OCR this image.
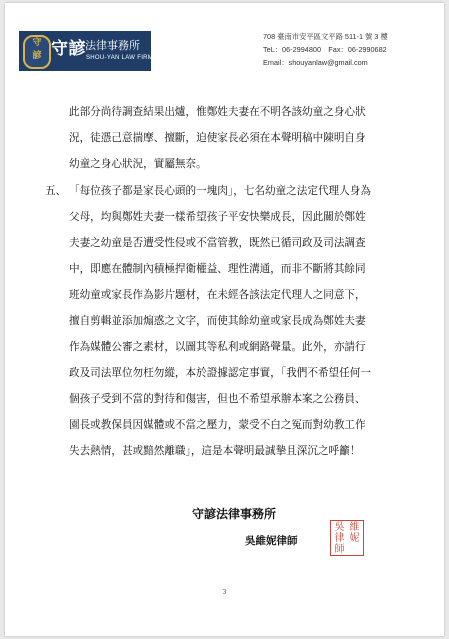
守
諺 守諺 法律事務所
SHOU-YAN LAW FIRM
708 臺南市安平區文平路 511-1 號 3 樓
TeL：06-2994800　Fax：06-2990682
Email：shouyanlaw@gmail.com
此部分尚待調查結果出爐，惟鄭姓夫妻在不明各該幼童之身心狀
況，徒憑己意揣摩、擅斷，迫使家長必須在本聲明稿中陳明自身
幼童之身心狀況，實屬無奈。
五、 「每位孩子都是家長心頭的一塊肉」，七名幼童之法定代理人身為
父母，均與鄭姓夫妻一樣希望孩子平安快樂成長，因此關於鄭姓
夫妻之幼童是否遭受性侵或不當管教，既然已循司政及司法調查
中，即應在體制內積極捍衛權益、理性溝通，而非不斷將其餘同
班幼童或家長作為影片題材，在未經各該法定代理人之同意下，
擅自剪輯並添加煽惑之文字，而使其餘幼童或家長成為鄭姓夫妻
作為媒體公審之素材，以圖其等私利或網路聲量。此外，亦請行
政及司法單位勿枉勿縱，本於證據認定事實，「我們不希望任何一
個孩子受到不當的對待和傷害，但也不希望承辦本案之公務員、
園長或教保員因媒體或不當之壓力，蒙受不白之冤而對幼教工作
失去熱情，甚或黯然離職」，這是本聲明最誠摯且深沉之呼籲！
守諺法律事務所
吳維妮律師
吳 維
律 妮
師
3
